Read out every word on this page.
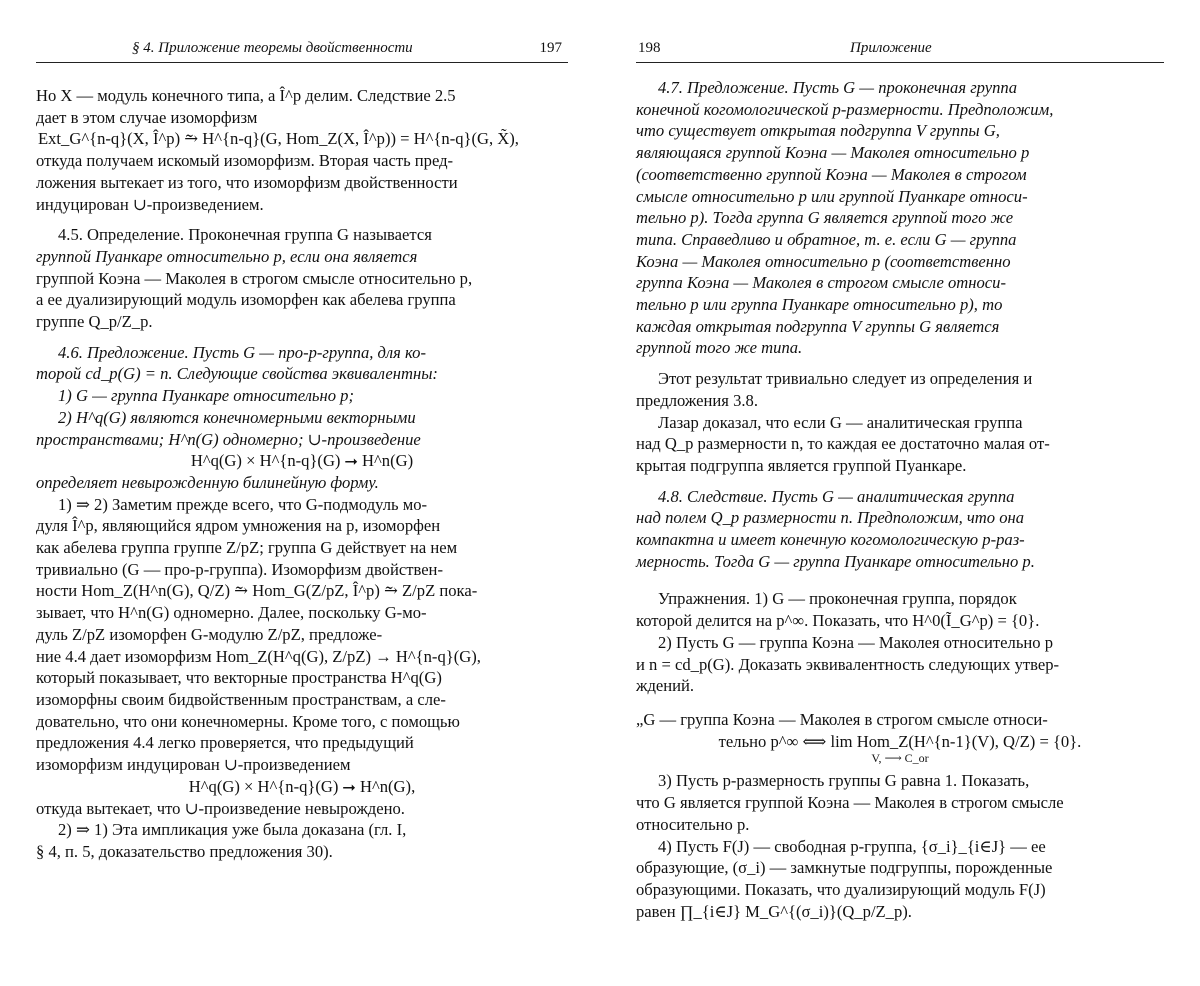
§ 4. Приложение теоремы двойственности	197

Но X — модуль конечного типа, а Î^p делим. Следствие 2.5

дает в этом случае изоморфизм

Ext_G^{n-q}(X, Î^p) ⥲ H^{n-q}(G, Hom_Z(X, Î^p)) = H^{n-q}(G, X̃),

откуда получаем искомый изоморфизм. Вторая часть пред-

ложения вытекает из того, что изоморфизм двойственности

индуцирован ∪-произведением.

4.5. Определение. Проконечная группа G называется

группой Пуанкаре относительно p, если она является

группой Коэна — Маколея в строгом смысле относительно p,

а ее дуализирующий модуль изоморфен как абелева группа

группе Q_p/Z_p.

4.6. Предложение. Пусть G — про-p-группа, для ко-

торой cd_p(G) = n. Следующие свойства эквивалентны:

1) G — группа Пуанкаре относительно p;

2) H^q(G) являются конечномерными векторными

пространствами; H^n(G) одномерно; ∪-произведение

H^q(G) × H^{n-q}(G) ⭢ H^n(G)

определяет невырожденную билинейную форму.

1) ⇒ 2) Заметим прежде всего, что G-подмодуль мо-

дуля Î^p, являющийся ядром умножения на p, изоморфен

как абелева группа группе Z/pZ; группа G действует на нем

тривиально (G — про-p-группа). Изоморфизм двойствен-

ности Hom_Z(H^n(G), Q/Z) ⥲ Hom_G(Z/pZ, Î^p) ⥲ Z/pZ пока-

зывает, что H^n(G) одномерно. Далее, поскольку G-мо-

дуль Z/pZ изоморфен G-модулю Z/pZ, предложе-

ние 4.4 дает изоморфизм Hom_Z(H^q(G), Z/pZ) → H^{n-q}(G),

который показывает, что векторные пространства H^q(G)

изоморфны своим бидвойственным пространствам, а сле-

довательно, что они конечномерны. Кроме того, с помощью

предложения 4.4 легко проверяется, что предыдущий

изоморфизм индуцирован ∪-произведением

H^q(G) × H^{n-q}(G) ⭢ H^n(G),

откуда вытекает, что ∪-произведение невырождено.

2) ⇒ 1) Эта импликация уже была доказана (гл. I,

§ 4, п. 5, доказательство предложения 30).

198	Приложение

4.7. Предложение. Пусть G — проконечная группа

конечной когомологической p-размерности. Предположим,

что существует открытая подгруппа V группы G,

являющаяся группой Коэна — Маколея относительно p

(соответственно группой Коэна — Маколея в строгом

смысле относительно p или группой Пуанкаре относи-

тельно p). Тогда группа G является группой того же

типа. Справедливо и обратное, т. е. если G — группа

Коэна — Маколея относительно p (соответственно

группа Коэна — Маколея в строгом смысле относи-

тельно p или группа Пуанкаре относительно p), то

каждая открытая подгруппа V группы G является

группой того же типа.

Этот результат тривиально следует из определения и

предложения 3.8.

Лазар доказал, что если G — аналитическая группа

над Q_p размерности n, то каждая ее достаточно малая от-

крытая подгруппа является группой Пуанкаре.

4.8. Следствие. Пусть G — аналитическая группа

над полем Q_p размерности n. Предположим, что она

компактна и имеет конечную когомологическую p-раз-

мерность. Тогда G — группа Пуанкаре относительно p.

Упражнения. 1) G — проконечная группа, порядок

которой делится на p^∞. Показать, что H^0(Ĩ_G^p) = {0}.

2) Пусть G — группа Коэна — Маколея относительно p

и n = cd_p(G). Доказать эквивалентность следующих утвер-

ждений.

„G — группа Коэна — Маколея в строгом смысле относи-

тельно p^∞ ⟺ lim Hom_Z(H^{n-1}(V), Q/Z) = {0}.

V, ⟶ C_or

3) Пусть p-размерность группы G равна 1. Показать,

что G является группой Коэна — Маколея в строгом смысле

относительно p.

4) Пусть F(J) — свободная p-группа, {σ_i}_{i∈J} — ее

образующие, (σ_i) — замкнутые подгруппы, порожденные

образующими. Показать, что дуализирующий модуль F(J)

равен ∏_{i∈J} M_G^{(σ_i)}(Q_p/Z_p).
